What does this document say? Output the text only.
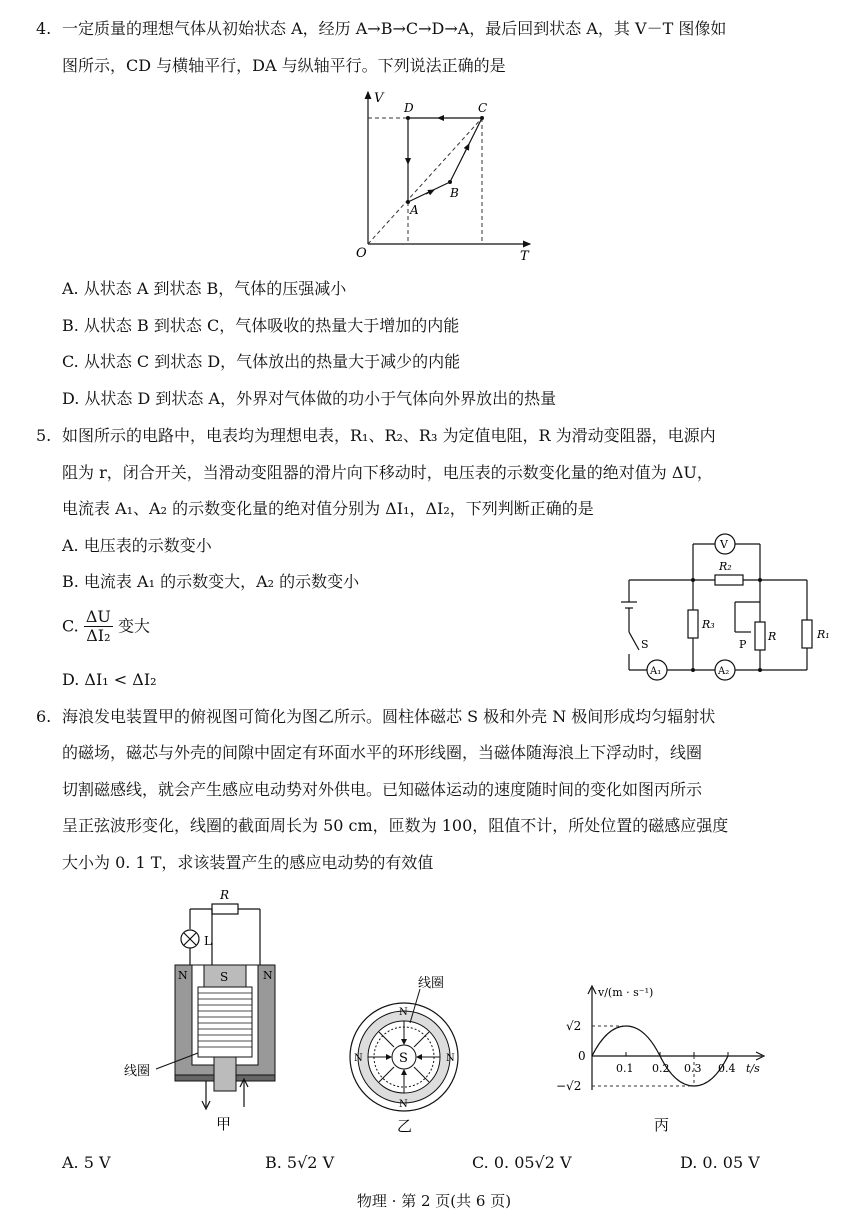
4. 一定质量的理想气体从初始状态 A，经历 A→B→C→D→A，最后回到状态 A，其 V－T 图像如
图所示，CD 与横轴平行，DA 与纵轴平行。下列说法正确的是
V
T
O
A
B
C
D
A. 从状态 A 到状态 B，气体的压强减小
B. 从状态 B 到状态 C，气体吸收的热量大于增加的内能
C. 从状态 C 到状态 D，气体放出的热量大于减少的内能
D. 从状态 D 到状态 A，外界对气体做的功小于气体向外界放出的热量
5. 如图所示的电路中，电表均为理想电表，R₁、R₂、R₃ 为定值电阻，R 为滑动变阻器，电源内
阻为 r，闭合开关，当滑动变阻器的滑片向下移动时，电压表的示数变化量的绝对值为 ΔU，
电流表 A₁、A₂ 的示数变化量的绝对值分别为 ΔI₁，ΔI₂，下列判断正确的是
A. 电压表的示数变小
B. 电流表 A₁ 的示数变大，A₂ 的示数变小
C. $\frac{\Delta U}{\text{ΔI₂}}$ 变大
D. ΔI₁ < ΔI₂
V
R₂
R₃
R	R₁
P
S
A₁	A₂
6. 海浪发电装置甲的俯视图可简化为图乙所示。圆柱体磁芯 S 极和外壳 N 极间形成均匀辐射状
的磁场，磁芯与外壳的间隙中固定有环面水平的环形线圈，当磁体随海浪上下浮动时，线圈
切割磁感线，就会产生感应电动势对外供电。已知磁体运动的速度随时间的变化如图丙所示
呈正弦波形变化，线圈的截面周长为 50 cm，匝数为 100，阻值不计，所处位置的磁感应强度
大小为 0. 1 T，求该装置产生的感应电动势的有效值
R
L
N	S	N
线圈
甲
S
N
N
N	N
线圈
乙
v/(m · s⁻¹)
t/s
√2
0
−√2
0.1 0.2 0.3 0.4
丙
A. 5 V	B. 5√2 V	C. 0. 05√2 V	D. 0. 05 V
物理 · 第 2 页(共 6 页)
